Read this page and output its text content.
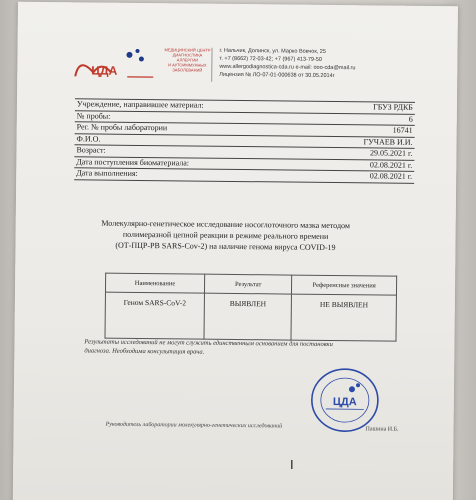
ЦДА
МЕДИЦИНСКИЙ ЦЕНТР
ДИАГНОСТИКА АЛЛЕРГИИ
И АУТОИММУННЫХ
ЗАБОЛЕВАНИЙ
г. Нальчик, Долинск, ул. Марко Вовчок, 25
т. +7 (8662) 72-03-42; +7 (967) 413-79-50
www.allergodiagnostica-cda.ru e-mail: ooo-cda@mail.ru
Лицензия № ЛО-07-01-000638 от 30.05.2014г
Учреждение, направившее материал:	ГБУЗ РДКБ
№ пробы:	6
Рег. № пробы лаборатории	16741
Ф.И.О.	ГУЧАЕВ И.И.
Возраст:	29.05.2021 г.
Дата поступления биоматериала:	02.08.2021 г.
Дата выполнения:	02.08.2021 г.
Молекулярно-генетическое исследование носоглоточного мазка методом
полимеразной цепной реакции в режиме реального времени
(ОТ-ПЦР-РВ SARS-Cov-2) на наличие генома вируса COVID-19
Наименование	Результат	Референсные значения
Геном SARS-CoV-2	ВЫЯВЛЕН	НЕ ВЫЯВЛЕН
Результаты исследований не могут служить единственным основанием для постановки
диагноза. Необходима консультация врача.
ЦДА
Руководитель лаборатории молекулярно-генетических исследований
Пашина И.Б.
I
